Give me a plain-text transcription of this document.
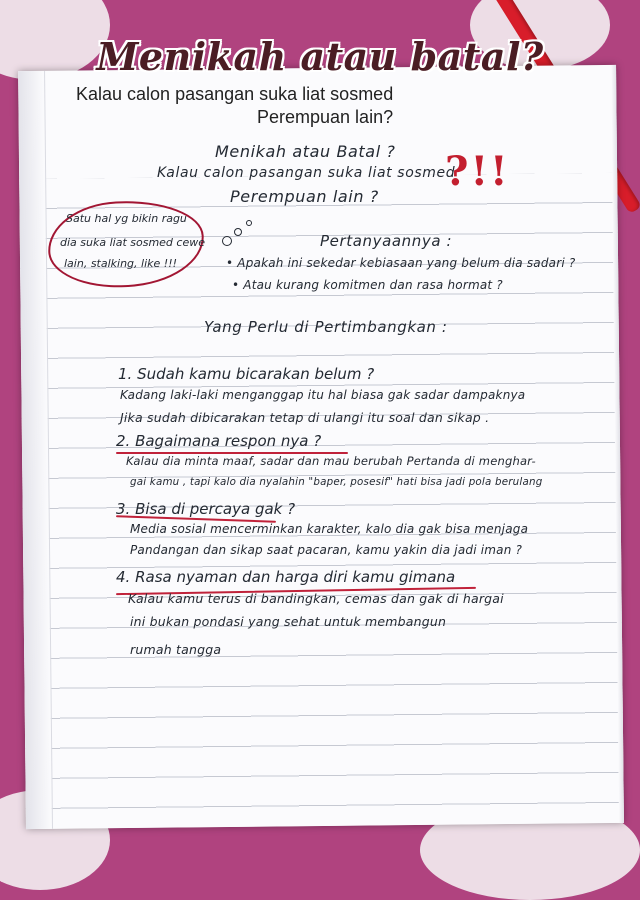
Menikah atau batal?
Kalau calon pasangan suka liat sosmed
Perempuan lain?
Menikah atau Batal ?
Kalau calon pasangan suka liat sosmed
Perempuan lain ?
?!!
Satu hal yg bikin ragu
dia suka liat sosmed cewe
lain, stalking, like !!!
Pertanyaannya :
• Apakah ini sekedar kebiasaan yang belum dia sadari ?
• Atau kurang komitmen dan rasa hormat ?
Yang Perlu di Pertimbangkan :
1. Sudah kamu bicarakan belum ?
Kadang laki-laki menganggap itu hal biasa gak sadar dampaknya
Jika sudah dibicarakan tetap di ulangi itu soal dan sikap .
2. Bagaimana respon nya ?
Kalau dia minta maaf, sadar dan mau berubah Pertanda di menghar-
gai kamu , tapi kalo dia nyalahin "baper, posesif" hati bisa jadi pola berulang
3. Bisa di percaya gak ?
Media sosial mencerminkan karakter, kalo dia gak bisa menjaga
Pandangan dan sikap saat pacaran, kamu yakin dia jadi iman ?
4. Rasa nyaman dan harga diri kamu gimana
Kalau kamu terus di bandingkan, cemas dan gak di hargai
ini bukan pondasi yang sehat untuk membangun
rumah tangga
